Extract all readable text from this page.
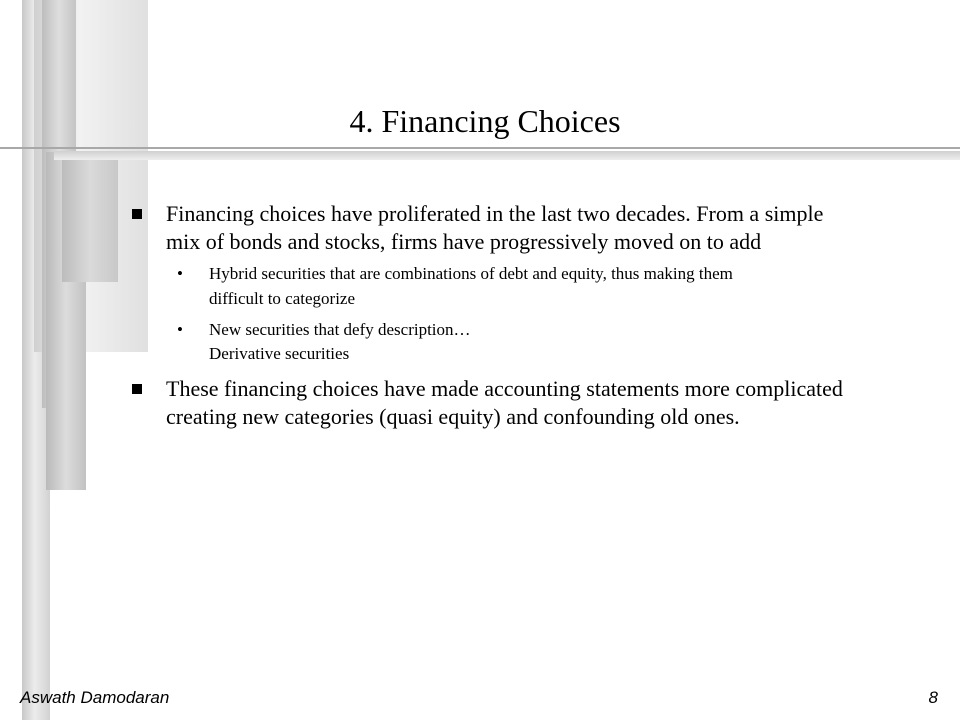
4. Financing Choices
Financing choices have proliferated in the last two decades. From a simple
mix of bonds and stocks, firms have progressively moved on to add
• Hybrid securities that are combinations of debt and equity, thus making them
difficult to categorize
• New securities that defy description…
Derivative securities
These financing choices have made accounting statements more complicated
creating new categories (quasi equity) and confounding old ones.
Aswath Damodaran	8
